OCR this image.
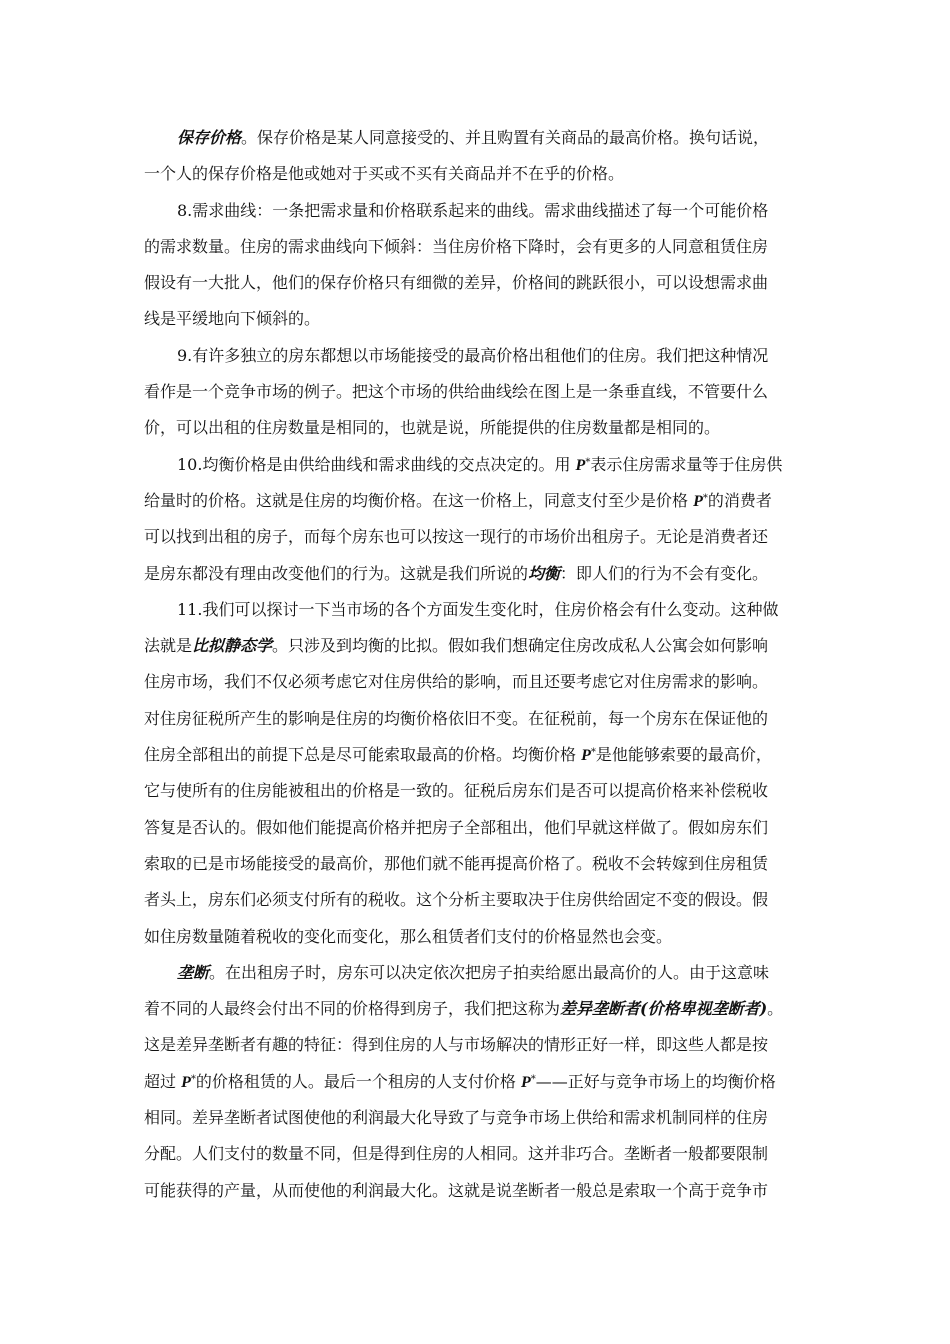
保存价格。保存价格是某人同意接受的、并且购置有关商品的最高价格。换句话说，
一个人的保存价格是他或她对于买或不买有关商品并不在乎的价格。
8.需求曲线：一条把需求量和价格联系起来的曲线。需求曲线描述了每一个可能价格
的需求数量。住房的需求曲线向下倾斜：当住房价格下降时，会有更多的人同意租赁住房
假设有一大批人，他们的保存价格只有细微的差异，价格间的跳跃很小，可以设想需求曲
线是平缓地向下倾斜的。
9.有许多独立的房东都想以市场能接受的最高价格出租他们的住房。我们把这种情况
看作是一个竞争市场的例子。把这个市场的供给曲线绘在图上是一条垂直线，不管要什么
价，可以出租的住房数量是相同的，也就是说，所能提供的住房数量都是相同的。
10.均衡价格是由供给曲线和需求曲线的交点决定的。用 P*表示住房需求量等于住房供
给量时的价格。这就是住房的均衡价格。在这一价格上，同意支付至少是价格 P*的消费者
可以找到出租的房子，而每个房东也可以按这一现行的市场价出租房子。无论是消费者还
是房东都没有理由改变他们的行为。这就是我们所说的均衡：即人们的行为不会有变化。
11.我们可以探讨一下当市场的各个方面发生变化时，住房价格会有什么变动。这种做
法就是比拟静态学。只涉及到均衡的比拟。假如我们想确定住房改成私人公寓会如何影响
住房市场，我们不仅必须考虑它对住房供给的影响，而且还要考虑它对住房需求的影响。
对住房征税所产生的影响是住房的均衡价格依旧不变。在征税前，每一个房东在保证他的
住房全部租出的前提下总是尽可能索取最高的价格。均衡价格 P*是他能够索要的最高价，
它与使所有的住房能被租出的价格是一致的。征税后房东们是否可以提高价格来补偿税收
答复是否认的。假如他们能提高价格并把房子全部租出，他们早就这样做了。假如房东们
索取的已是市场能接受的最高价，那他们就不能再提高价格了。税收不会转嫁到住房租赁
者头上，房东们必须支付所有的税收。这个分析主要取决于住房供给固定不变的假设。假
如住房数量随着税收的变化而变化，那么租赁者们支付的价格显然也会变。
垄断。在出租房子时，房东可以决定依次把房子拍卖给愿出最高价的人。由于这意味
着不同的人最终会付出不同的价格得到房子，我们把这称为差异垄断者(价格卑视垄断者)。
这是差异垄断者有趣的特征：得到住房的人与市场解决的情形正好一样，即这些人都是按
超过 P*的价格租赁的人。最后一个租房的人支付价格 P*——正好与竞争市场上的均衡价格
相同。差异垄断者试图使他的利润最大化导致了与竞争市场上供给和需求机制同样的住房
分配。人们支付的数量不同，但是得到住房的人相同。这并非巧合。垄断者一般都要限制
可能获得的产量，从而使他的利润最大化。这就是说垄断者一般总是索取一个高于竞争市
